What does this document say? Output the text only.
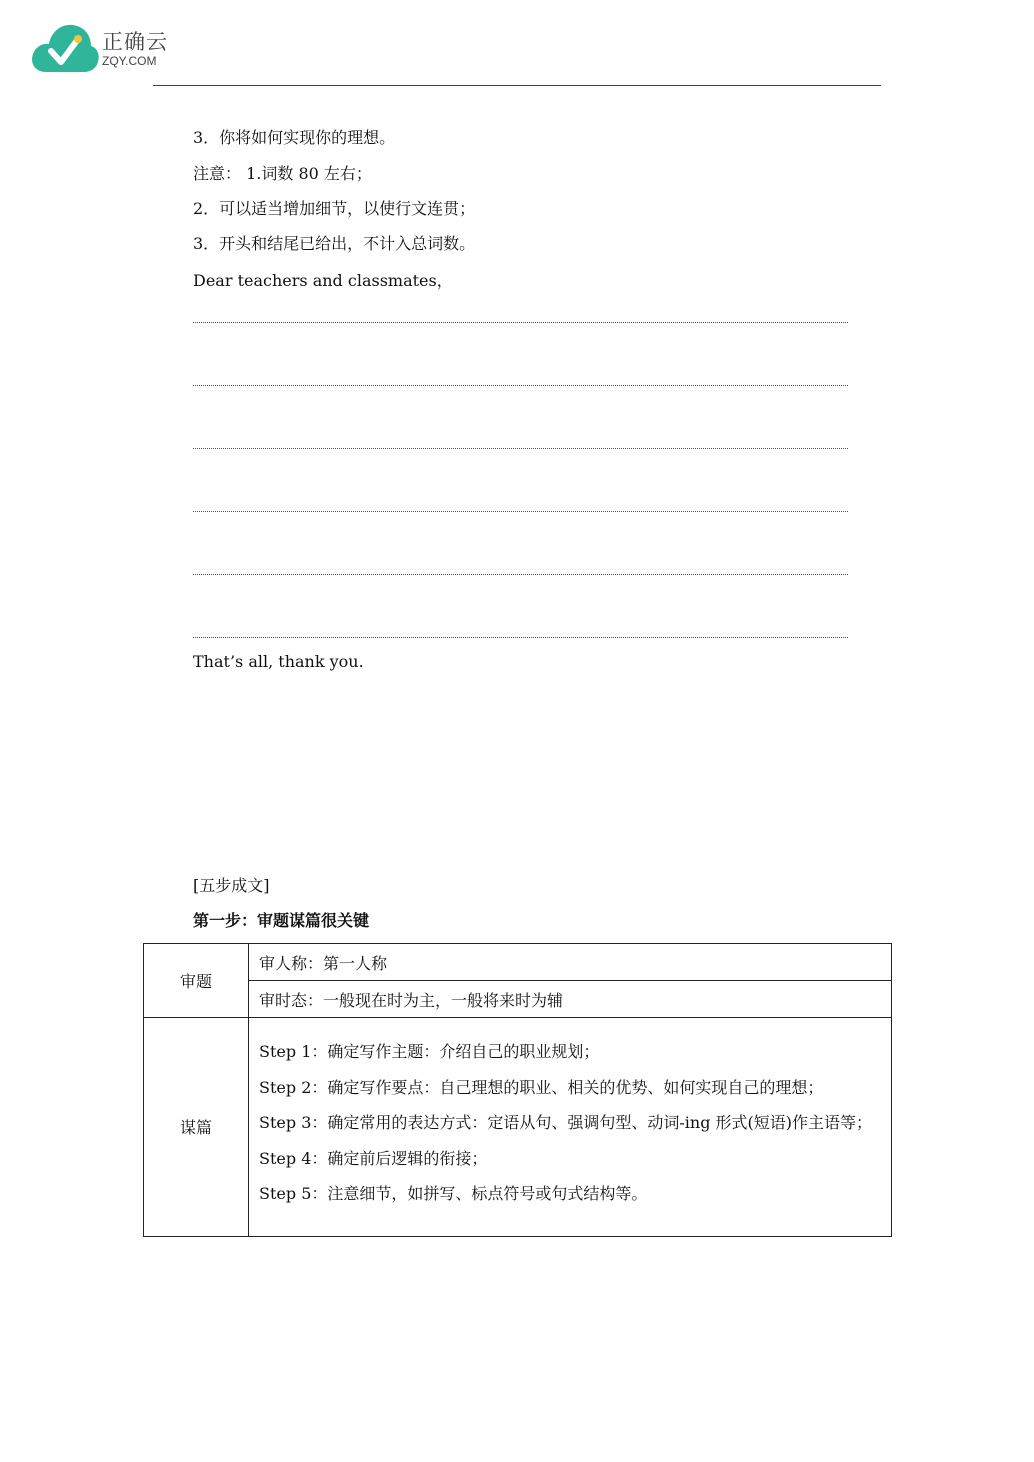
正确云
ZQY.COM
3．你将如何实现你的理想。
注意： 1.词数 80 左右；
2．可以适当增加细节，以使行文连贯；
3．开头和结尾已给出，不计入总词数。
Dear teachers and classmates，
That’s all, thank you.
[五步成文]
第一步：审题谋篇很关键
审题	审人称：第一人称
	审时态：一般现在时为主，一般将来时为辅
谋篇	Step 1：确定写作主题：介绍自己的职业规划；
Step 2：确定写作要点：自己理想的职业、相关的优势、如何实现自己的理想；
Step 3：确定常用的表达方式：定语从句、强调句型、动词-ing 形式(短语)作主语等；
Step 4：确定前后逻辑的衔接；
Step 5：注意细节，如拼写、标点符号或句式结构等。
